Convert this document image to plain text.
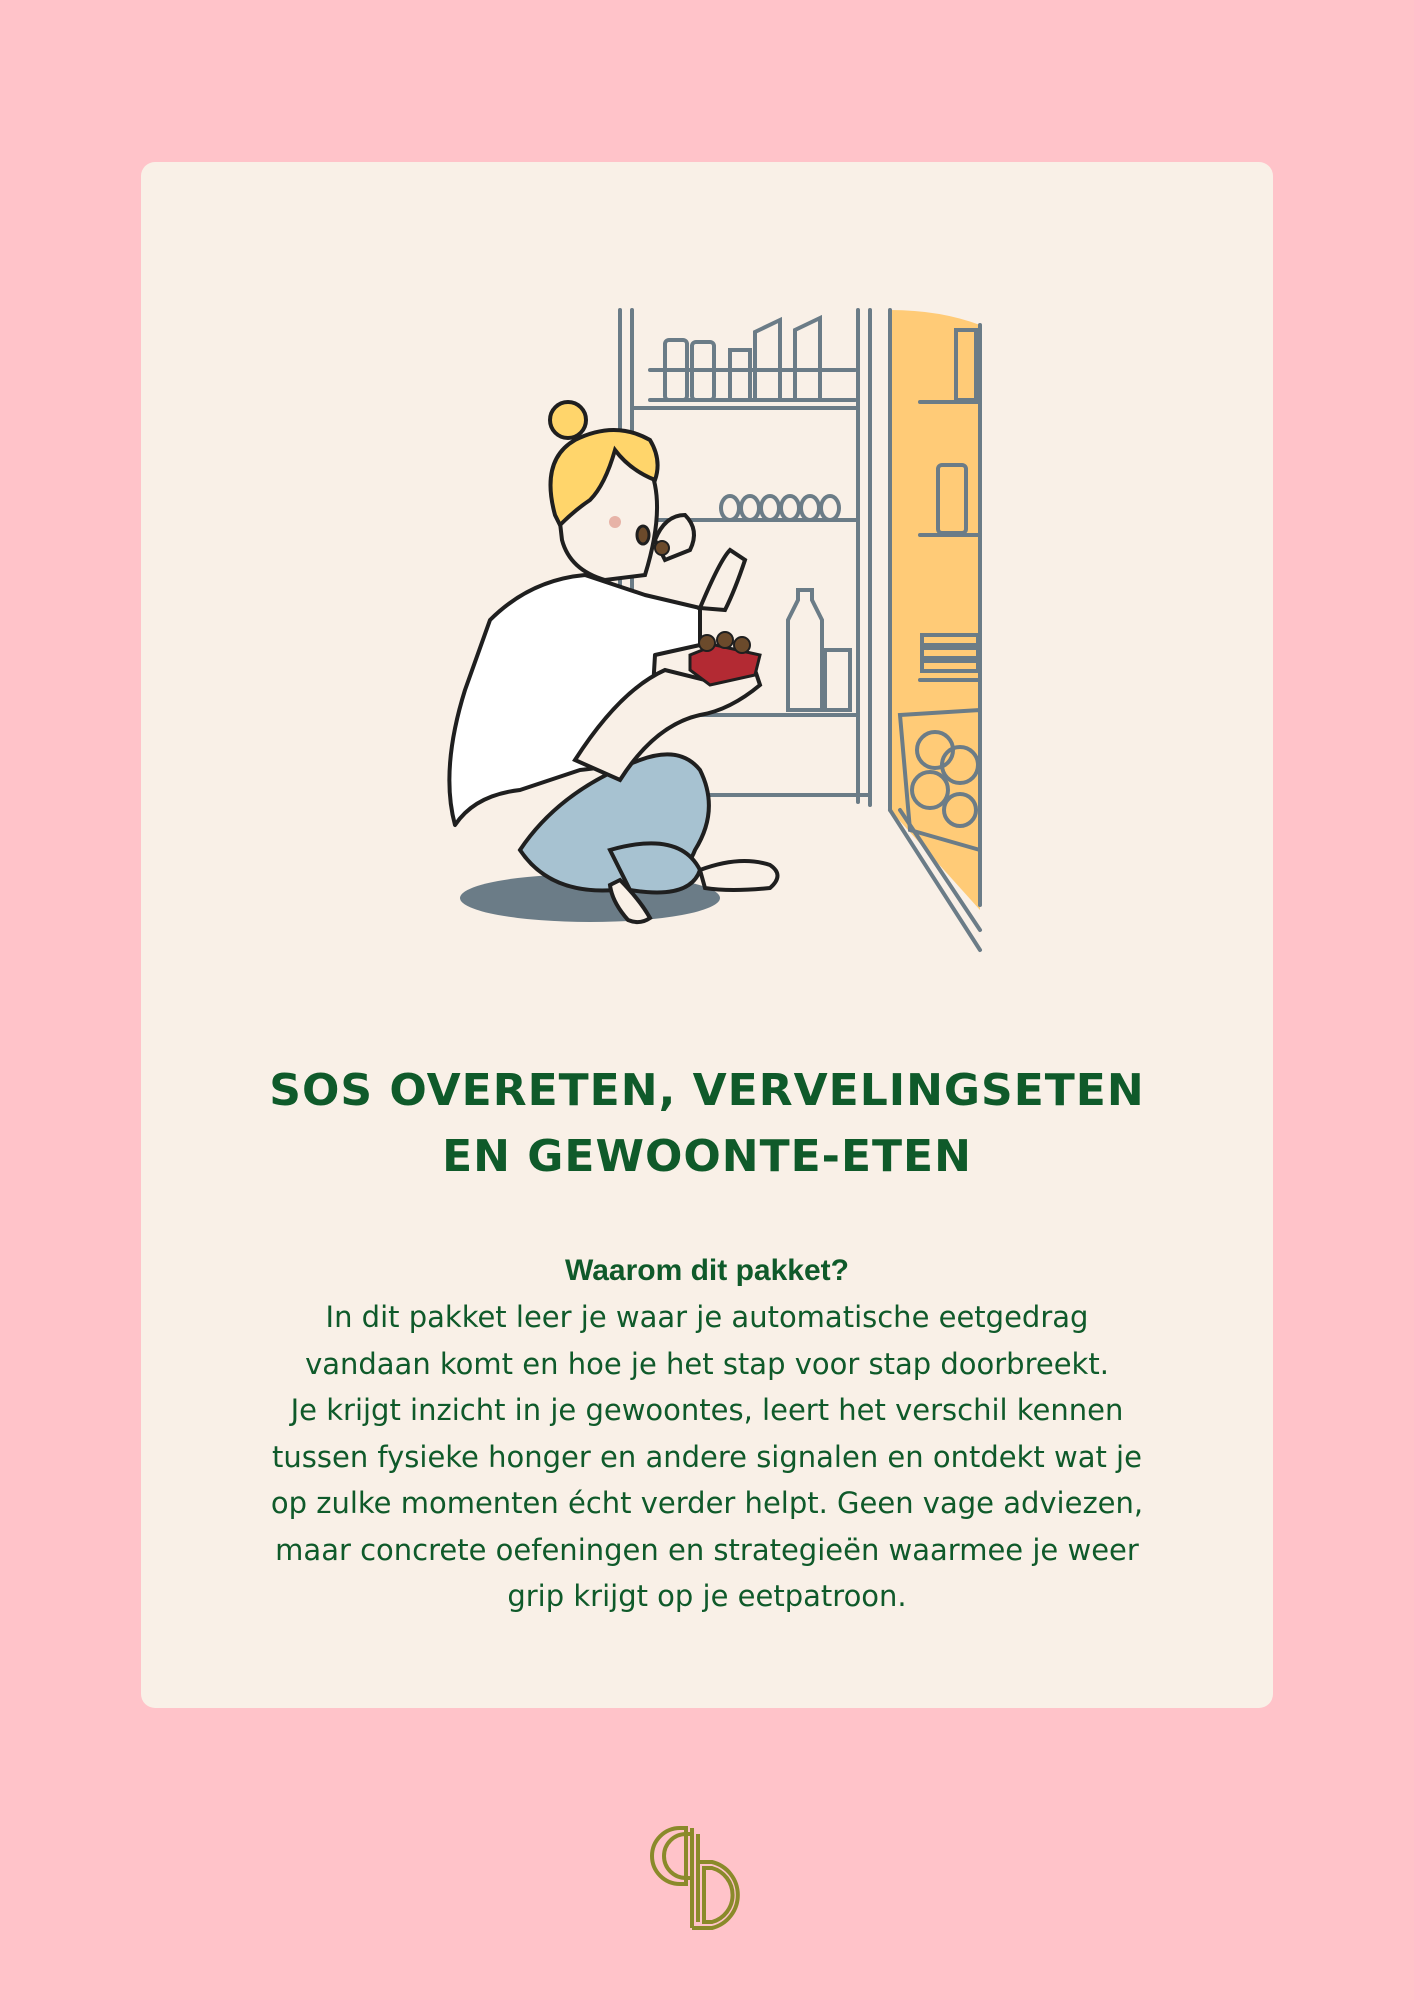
SOS OVERETEN, VERVELINGSETEN
EN GEWOONTE-ETEN

Waarom dit pakket?

In dit pakket leer je waar je automatische eetgedrag
vandaan komt en hoe je het stap voor stap doorbreekt.
Je krijgt inzicht in je gewoontes, leert het verschil kennen
tussen fysieke honger en andere signalen en ontdekt wat je
op zulke momenten écht verder helpt. Geen vage adviezen,
maar concrete oefeningen en strategieën waarmee je weer
grip krijgt op je eetpatroon.
